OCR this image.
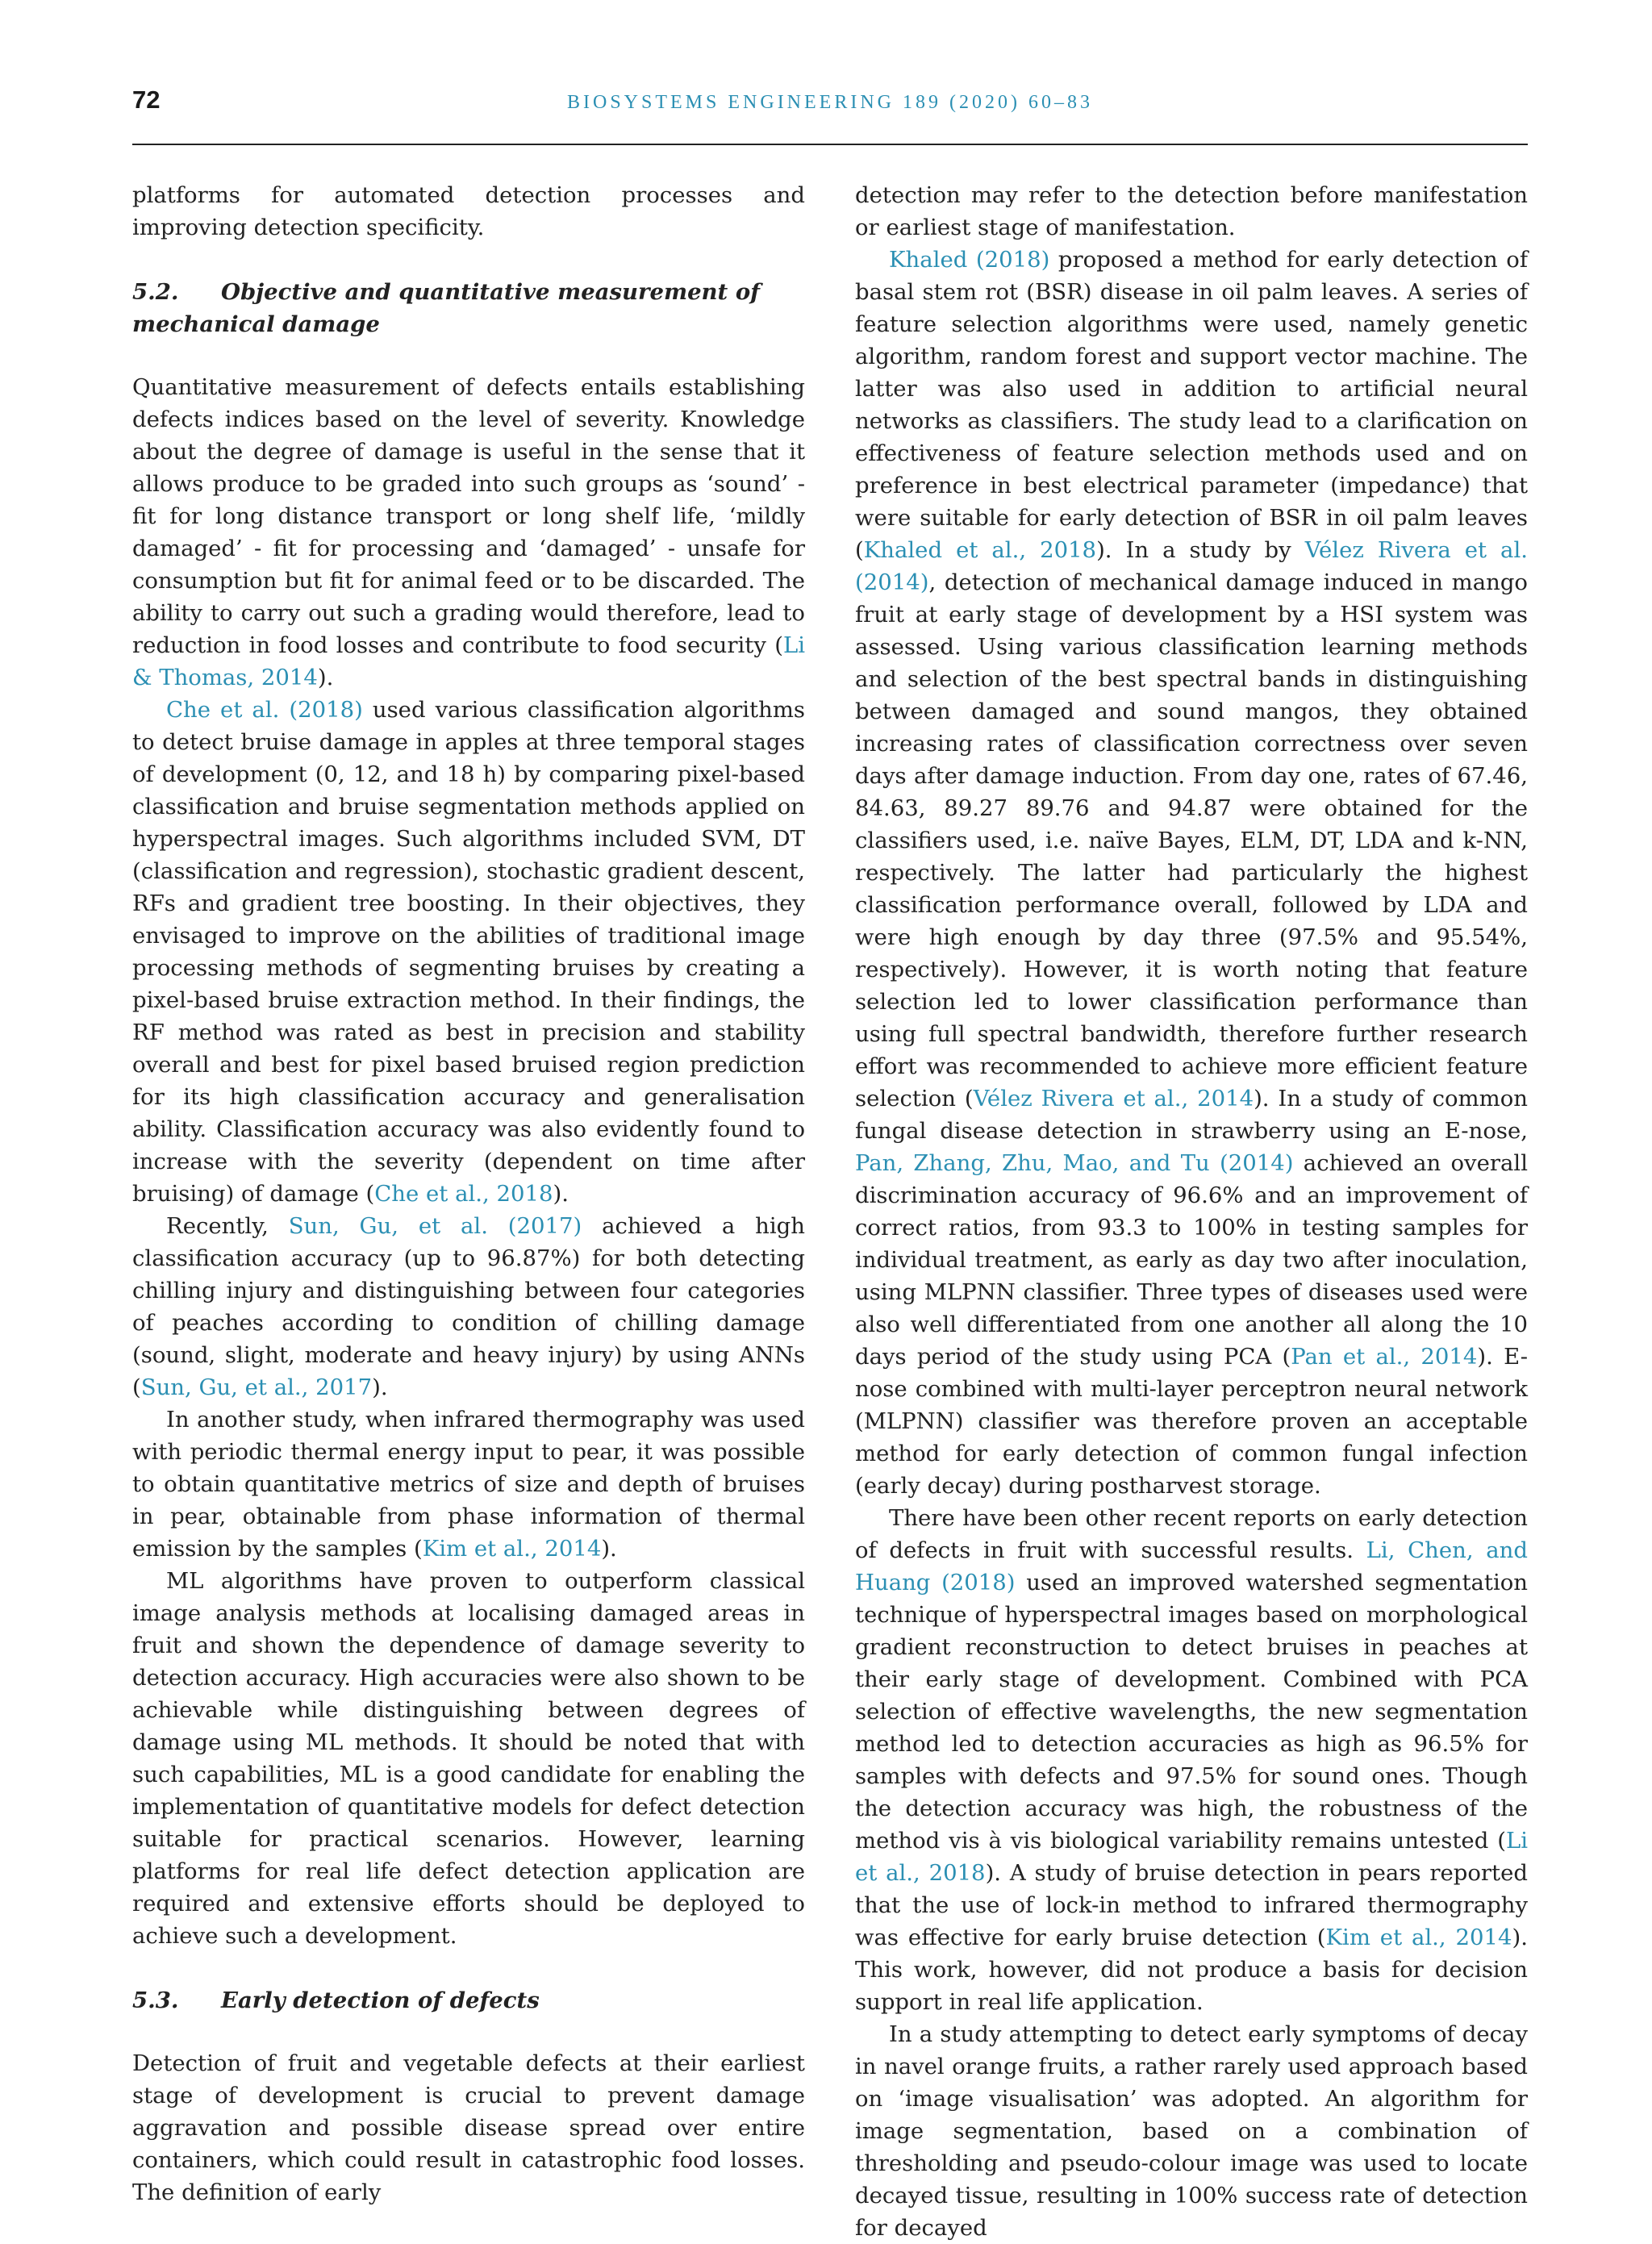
72	BIOSYSTEMS ENGINEERING 189 (2020) 60–83

platforms for automated detection processes and improving detection specificity.

5.2. Objective and quantitative measurement of mechanical damage

Quantitative measurement of defects entails establishing defects indices based on the level of severity. Knowledge about the degree of damage is useful in the sense that it allows produce to be graded into such groups as ‘sound’ - fit for long distance transport or long shelf life, ‘mildly damaged’ - fit for processing and ‘damaged’ - unsafe for consumption but fit for animal feed or to be discarded. The ability to carry out such a grading would therefore, lead to reduction in food losses and contribute to food security (Li & Thomas, 2014).

Che et al. (2018) used various classification algorithms to detect bruise damage in apples at three temporal stages of development (0, 12, and 18 h) by comparing pixel-based classification and bruise segmentation methods applied on hyperspectral images. Such algorithms included SVM, DT (classification and regression), stochastic gradient descent, RFs and gradient tree boosting. In their objectives, they envisaged to improve on the abilities of traditional image processing methods of segmenting bruises by creating a pixel-based bruise extraction method. In their findings, the RF method was rated as best in precision and stability overall and best for pixel based bruised region prediction for its high classification accuracy and generalisation ability. Classification accuracy was also evidently found to increase with the severity (dependent on time after bruising) of damage (Che et al., 2018).

Recently, Sun, Gu, et al. (2017) achieved a high classification accuracy (up to 96.87%) for both detecting chilling injury and distinguishing between four categories of peaches according to condition of chilling damage (sound, slight, moderate and heavy injury) by using ANNs (Sun, Gu, et al., 2017).

In another study, when infrared thermography was used with periodic thermal energy input to pear, it was possible to obtain quantitative metrics of size and depth of bruises in pear, obtainable from phase information of thermal emission by the samples (Kim et al., 2014).

ML algorithms have proven to outperform classical image analysis methods at localising damaged areas in fruit and shown the dependence of damage severity to detection accuracy. High accuracies were also shown to be achievable while distinguishing between degrees of damage using ML methods. It should be noted that with such capabilities, ML is a good candidate for enabling the implementation of quantitative models for defect detection suitable for practical scenarios. However, learning platforms for real life defect detection application are required and extensive efforts should be deployed to achieve such a development.

5.3. Early detection of defects

Detection of fruit and vegetable defects at their earliest stage of development is crucial to prevent damage aggravation and possible disease spread over entire containers, which could result in catastrophic food losses. The definition of early

detection may refer to the detection before manifestation or earliest stage of manifestation.

Khaled (2018) proposed a method for early detection of basal stem rot (BSR) disease in oil palm leaves. A series of feature selection algorithms were used, namely genetic algorithm, random forest and support vector machine. The latter was also used in addition to artificial neural networks as classifiers. The study lead to a clarification on effectiveness of feature selection methods used and on preference in best electrical parameter (impedance) that were suitable for early detection of BSR in oil palm leaves (Khaled et al., 2018). In a study by Vélez Rivera et al. (2014), detection of mechanical damage induced in mango fruit at early stage of development by a HSI system was assessed. Using various classification learning methods and selection of the best spectral bands in distinguishing between damaged and sound mangos, they obtained increasing rates of classification correctness over seven days after damage induction. From day one, rates of 67.46, 84.63, 89.27 89.76 and 94.87 were obtained for the classifiers used, i.e. naïve Bayes, ELM, DT, LDA and k-NN, respectively. The latter had particularly the highest classification performance overall, followed by LDA and were high enough by day three (97.5% and 95.54%, respectively). However, it is worth noting that feature selection led to lower classification performance than using full spectral bandwidth, therefore further research effort was recommended to achieve more efficient feature selection (Vélez Rivera et al., 2014). In a study of common fungal disease detection in strawberry using an E-nose, Pan, Zhang, Zhu, Mao, and Tu (2014) achieved an overall discrimination accuracy of 96.6% and an improvement of correct ratios, from 93.3 to 100% in testing samples for individual treatment, as early as day two after inoculation, using MLPNN classifier. Three types of diseases used were also well differentiated from one another all along the 10 days period of the study using PCA (Pan et al., 2014). E-nose combined with multi-layer perceptron neural network (MLPNN) classifier was therefore proven an acceptable method for early detection of common fungal infection (early decay) during postharvest storage.

There have been other recent reports on early detection of defects in fruit with successful results. Li, Chen, and Huang (2018) used an improved watershed segmentation technique of hyperspectral images based on morphological gradient reconstruction to detect bruises in peaches at their early stage of development. Combined with PCA selection of effective wavelengths, the new segmentation method led to detection accuracies as high as 96.5% for samples with defects and 97.5% for sound ones. Though the detection accuracy was high, the robustness of the method vis à vis biological variability remains untested (Li et al., 2018). A study of bruise detection in pears reported that the use of lock-in method to infrared thermography was effective for early bruise detection (Kim et al., 2014). This work, however, did not produce a basis for decision support in real life application.

In a study attempting to detect early symptoms of decay in navel orange fruits, a rather rarely used approach based on ‘image visualisation’ was adopted. An algorithm for image segmentation, based on a combination of thresholding and pseudo-colour image was used to locate decayed tissue, resulting in 100% success rate of detection for decayed
